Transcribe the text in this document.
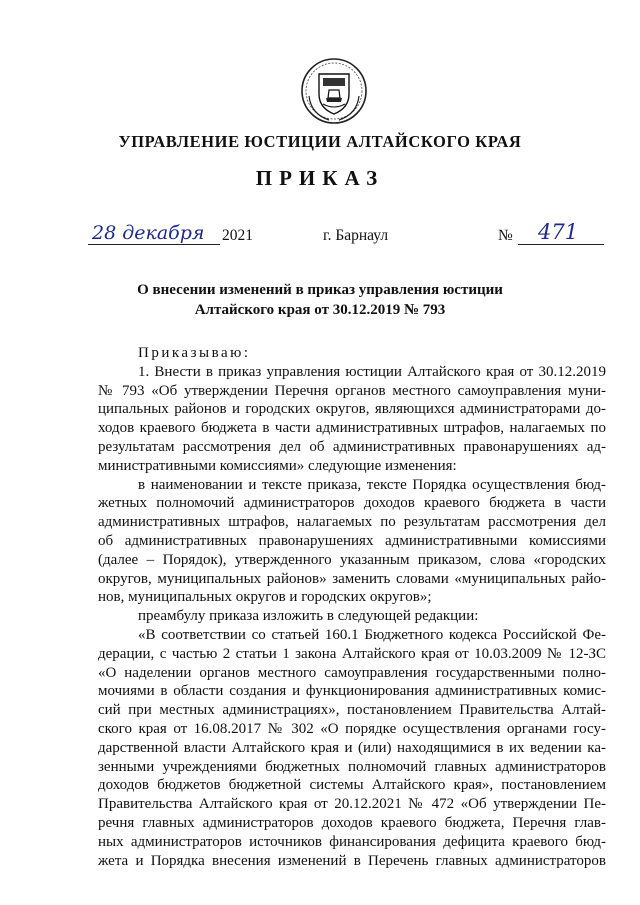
УПРАВЛЕНИЕ ЮСТИЦИИ АЛТАЙСКОГО КРАЯ
ПРИКАЗ
28 декабря 2021	г. Барнаул	№ 471
О внесении изменений в приказ управления юстиции
Алтайского края от 30.12.2019 № 793
Приказываю:
1. Внести в приказ управления юстиции Алтайского края от 30.12.2019
№ 793 «Об утверждении Перечня органов местного самоуправления муни-
ципальных районов и городских округов, являющихся администраторами до-
ходов краевого бюджета в части административных штрафов, налагаемых по
результатам рассмотрения дел об административных правонарушениях ад-
министративными комиссиями» следующие изменения:
в наименовании и тексте приказа, тексте Порядка осуществления бюд-
жетных полномочий администраторов доходов краевого бюджета в части
административных штрафов, налагаемых по результатам рассмотрения дел
об административных правонарушениях административными комиссиями
(далее – Порядок), утвержденного указанным приказом, слова «городских
округов, муниципальных районов» заменить словами «муниципальных райо-
нов, муниципальных округов и городских округов»;
преамбулу приказа изложить в следующей редакции:
«В соответствии со статьей 160.1 Бюджетного кодекса Российской Фе-
дерации, с частью 2 статьи 1 закона Алтайского края от 10.03.2009 № 12-ЗС
«О наделении органов местного самоуправления государственными полно-
мочиями в области создания и функционирования административных комис-
сий при местных администрациях», постановлением Правительства Алтай-
ского края от 16.08.2017 № 302 «О порядке осуществления органами госу-
дарственной власти Алтайского края и (или) находящимися в их ведении ка-
зенными учреждениями бюджетных полномочий главных администраторов
доходов бюджетов бюджетной системы Алтайского края», постановлением
Правительства Алтайского края от 20.12.2021 № 472 «Об утверждении Пе-
речня главных администраторов доходов краевого бюджета, Перечня глав-
ных администраторов источников финансирования дефицита краевого бюд-
жета и Порядка внесения изменений в Перечень главных администраторов
